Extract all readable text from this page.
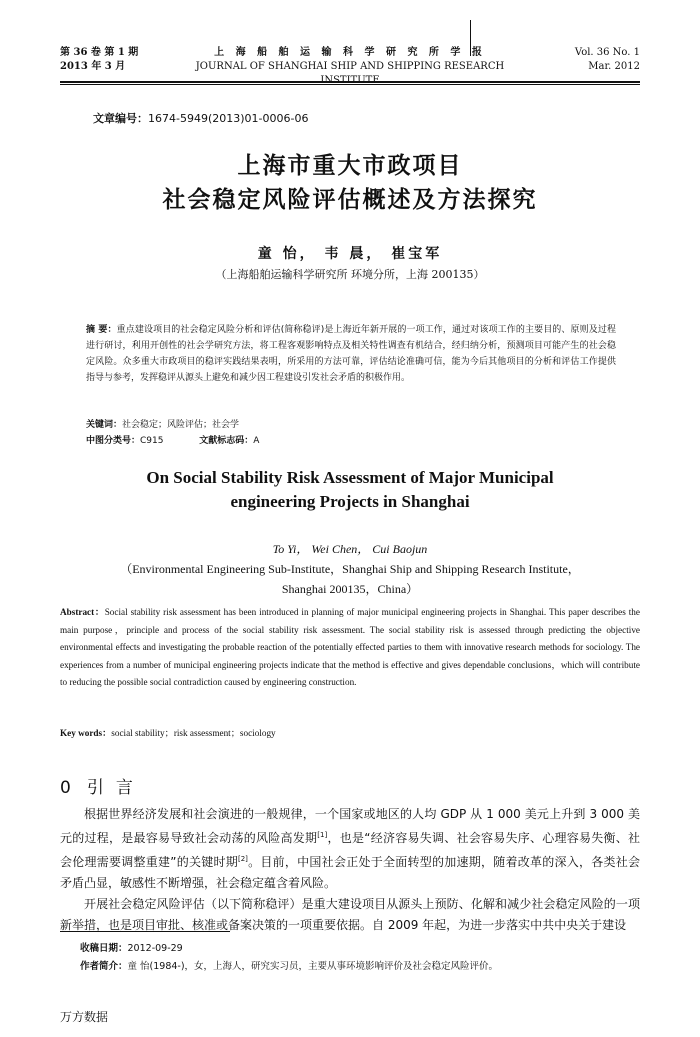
第 36 卷 第 1 期
2013 年 3 月
上 海 船 舶 运 输 科 学 研 究 所 学 报
JOURNAL OF SHANGHAI SHIP AND SHIPPING RESEARCH
Vol. 36 No. 1
Mar. 2012
文章编号：1674-5949(2013)01-0006-06
上海市重大市政项目
社会稳定风险评估概述及方法探究
童 怡， 韦 晨， 崔宝军
（上海船舶运输科学研究所 环境分所，上海 200135）
摘 要：重点建设项目的社会稳定风险分析和评估(简称稳评)是上海近年新开展的一项工作，通过对该项工作的主要目的、原则及过程进行研讨，利用开创性的社会学研究方法，将工程客观影响特点及相关特性调查有机结合，经归纳分析，预测项目可能产生的社会稳定风险。众多重大市政项目的稳评实践结果表明，所采用的方法可靠，评估结论准确可信，能为今后其他项目的分析和评估工作提供指导与参考，发挥稳评从源头上避免和减少因工程建设引发社会矛盾的积极作用。
关键词：社会稳定；风险评估；社会学
中图分类号：C915	文献标志码：A
On Social Stability Risk Assessment of Major Municipal
engineering Projects in Shanghai
To Yi， Wei Chen， Cui Baojun
（Environmental Engineering Sub-Institute，Shanghai Ship and Shipping Research Institute，
Shanghai 200135，China）
Abstract：Social stability risk assessment has been introduced in planning of major municipal engineering projects in Shanghai. This paper describes the main purpose，principle and process of the social stability risk assessment. The social stability risk is assessed through predicting the objective environmental effects and investigating the probable reaction of the potentially effected parties to them with innovative research methods for sociology. The experiences from a number of municipal engineering projects indicate that the method is effective and gives dependable conclusions，which will contribute to reducing the possible social contradiction caused by engineering construction.
Key words：social stability；risk assessment；sociology
0 引言

根据世界经济发展和社会演进的一般规律，一个国家或地区的人均 GDP 从 1 000 美元上升到 3 000 美元的过程，是最容易导致社会动荡的风险高发期[1]，也是“经济容易失调、社会容易失序、心理容易失衡、社会伦理需要调整重建”的关键时期[2]。目前，中国社会正处于全面转型的加速期，随着改革的深入，各类社会矛盾凸显，敏感性不断增强，社会稳定蕴含着风险。

开展社会稳定风险评估（以下简称稳评）是重大建设项目从源头上预防、化解和减少社会稳定风险的一项新举措，也是项目审批、核准或备案决策的一项重要依据。自 2009 年起，为进一步落实中共中央关于建设

收稿日期：2012-09-29
作者简介：童 怡(1984-)，女，上海人，研究实习员，主要从事环境影响评价及社会稳定风险评价。
万方数据
